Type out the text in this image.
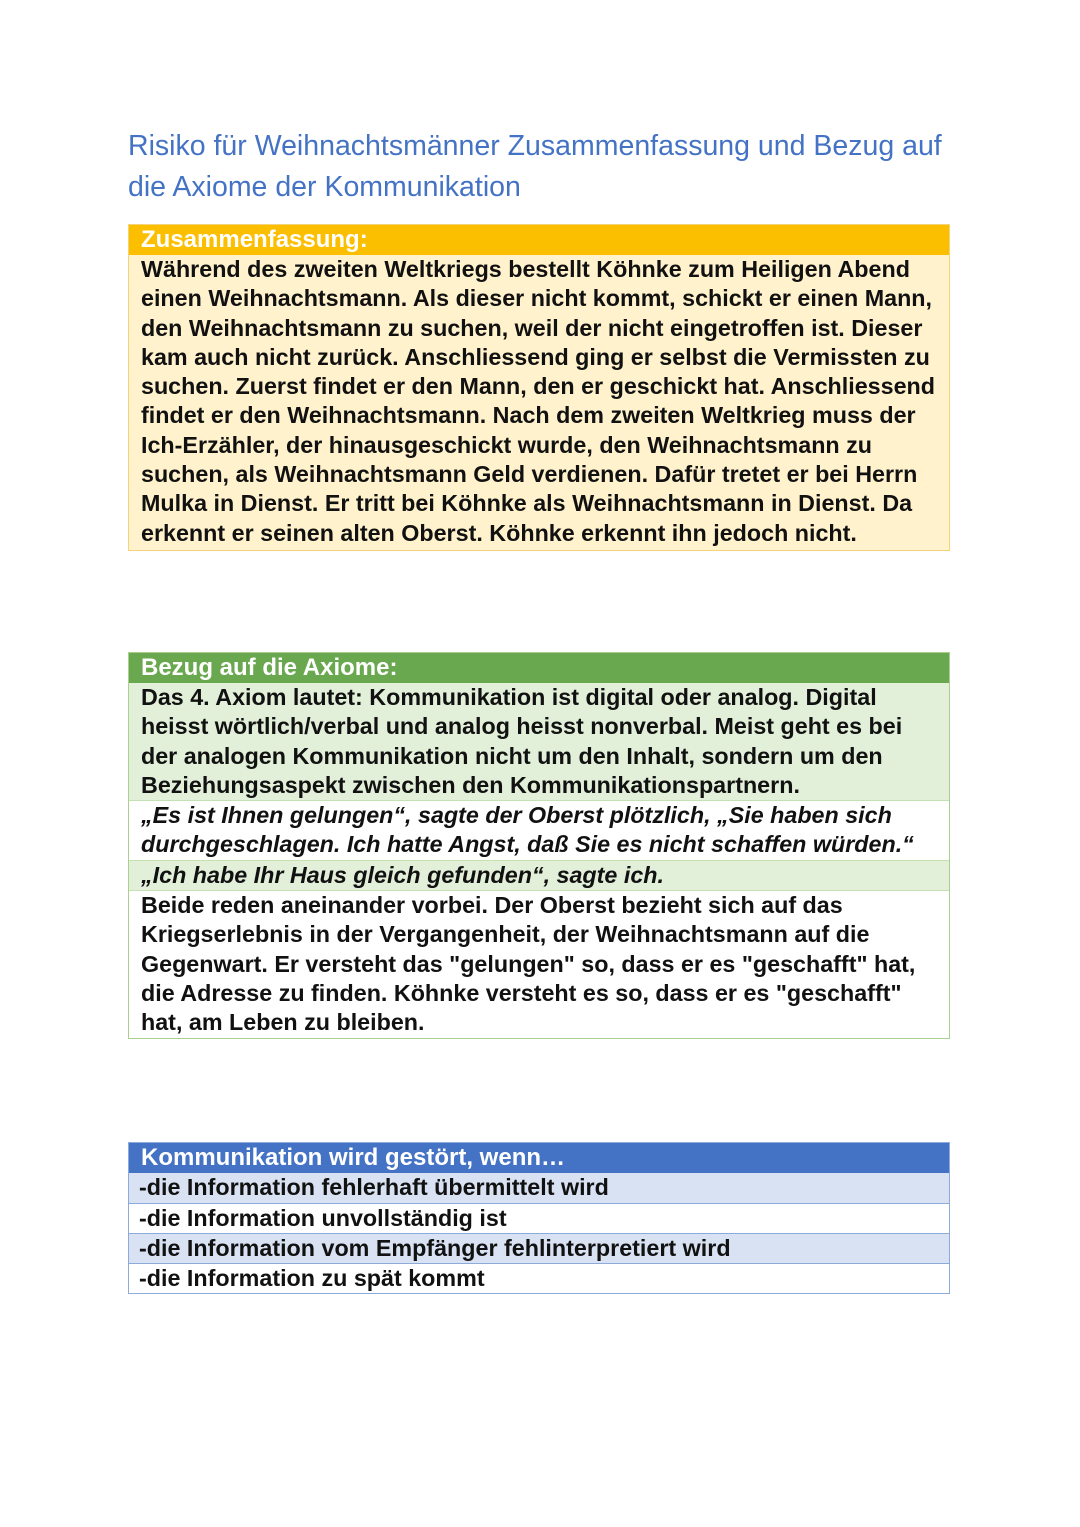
Risiko für Weihnachtsmänner Zusammenfassung und Bezug auf die Axiome der Kommunikation
Zusammenfassung:
Während des zweiten Weltkriegs bestellt Köhnke zum Heiligen Abend einen Weihnachtsmann. Als dieser nicht kommt, schickt er einen Mann, den Weihnachtsmann zu suchen, weil der nicht eingetroffen ist. Dieser kam auch nicht zurück. Anschliessend ging er selbst die Vermissten zu suchen. Zuerst findet er den Mann, den er geschickt hat. Anschliessend findet er den Weihnachtsmann. Nach dem zweiten Weltkrieg muss der Ich-Erzähler, der hinausgeschickt wurde, den Weihnachtsmann zu suchen, als Weihnachtsmann Geld verdienen. Dafür tretet er bei Herrn Mulka in Dienst. Er tritt bei Köhnke als Weihnachtsmann in Dienst. Da erkennt er seinen alten Oberst. Köhnke erkennt ihn jedoch nicht.
Bezug auf die Axiome:
Das 4. Axiom lautet: Kommunikation ist digital oder analog. Digital heisst wörtlich/verbal und analog heisst nonverbal. Meist geht es bei der analogen Kommunikation nicht um den Inhalt, sondern um den Beziehungsaspekt zwischen den Kommunikationspartnern.
„Es ist Ihnen gelungen“, sagte der Oberst plötzlich, „Sie haben sich durchgeschlagen. Ich hatte Angst, daß Sie es nicht schaffen würden.“
„Ich habe Ihr Haus gleich gefunden“, sagte ich.
Beide reden aneinander vorbei. Der Oberst bezieht sich auf das Kriegserlebnis in der Vergangenheit, der Weihnachtsmann auf die Gegenwart. Er versteht das "gelungen" so, dass er es "geschafft" hat, die Adresse zu finden. Köhnke versteht es so, dass er es "geschafft" hat, am Leben zu bleiben.
Kommunikation wird gestört, wenn…
-die Information fehlerhaft übermittelt wird
-die Information unvollständig ist
-die Information vom Empfänger fehlinterpretiert wird
-die Information zu spät kommt
